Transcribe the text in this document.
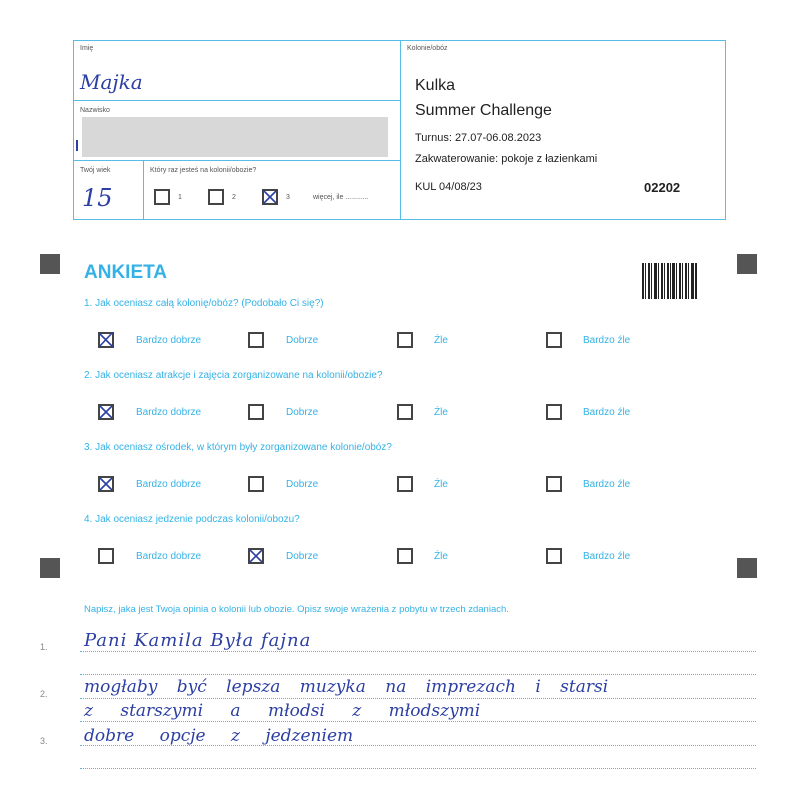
Imię
Majka
Nazwisko
Twój wiek
15
Który raz jesteś na kolonii/obozie?
1	2	3	więcej, ile ............
Kolonie/obóz
Kulka
Summer Challenge
Turnus: 27.07-06.08.2023
Zakwaterowanie: pokoje z łazienkami
KUL 04/08/23	02202
ANKIETA
1. Jak oceniasz całą kolonię/obóz? (Podobało Ci się?)
Bardzo dobrze	Dobrze	Źle	Bardzo źle
2. Jak oceniasz atrakcje i zajęcia zorganizowane na kolonii/obozie?
Bardzo dobrze	Dobrze	Źle	Bardzo źle
3. Jak oceniasz ośrodek, w którym były zorganizowane kolonie/obóz?
Bardzo dobrze	Dobrze	Źle	Bardzo źle
4. Jak oceniasz jedzenie podczas kolonii/obozu?
Bardzo dobrze	Dobrze	Źle	Bardzo źle
Napisz, jaka jest Twoja opinia o kolonii lub obozie. Opisz swoje wrażenia z pobytu w trzech zdaniach.
1.
2.
3.
Pani Kamila Była fajna
mogłaby być lepsza muzyka na imprezach i starsi
z starszymi a młodsi z młodszymi
dobre opcje z jedzeniem
